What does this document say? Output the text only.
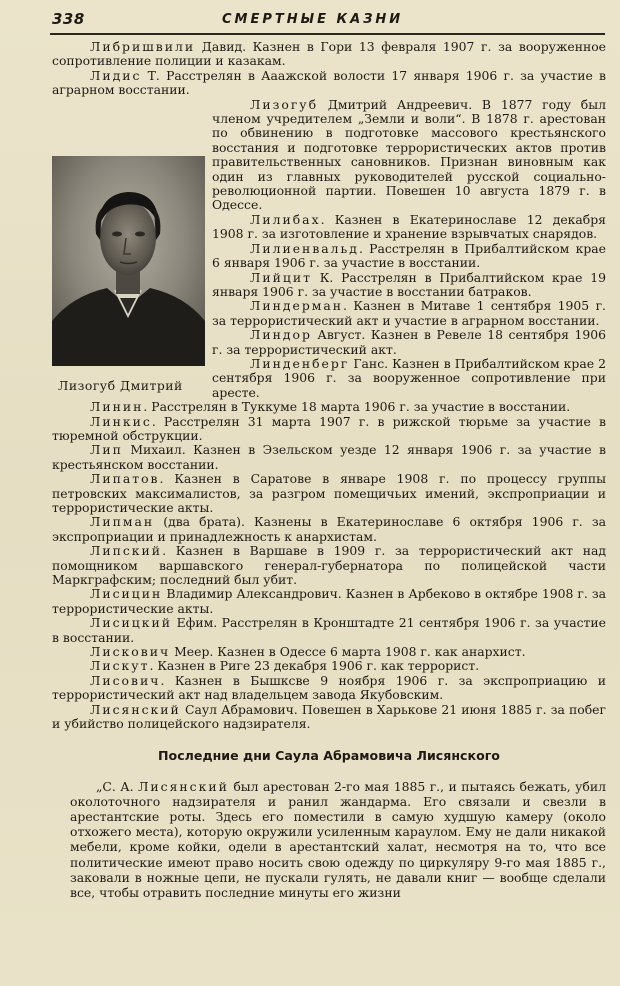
338	СМЕРТНЫЕ КАЗНИ

Либришвили Давид. Казнен в Гори 13 февраля 1907 г. за вооруженное сопротивление полиции и казакам.

Лидис Т. Расстрелян в Ааажской волости 17 января 1906 г. за участие в аграрном восстании.

Лизогуб Дмитрий

Лизогуб Дмитрий Андреевич. В 1877 году был членом учредителем „Земли и воли“. В 1878 г. арестован по обвинению в подготовке массового крестьянского восстания и подготовке террористических актов против правительственных сановников. Признан виновным как один из главных руководителей русской социально-революционной партии. Повешен 10 августа 1879 г. в Одессе.

Лилибах. Казнен в Екатеринославе 12 декабря 1908 г. за изготовление и хранение взрывчатых снарядов.

Лилиенвальд. Расстрелян в Прибалтийском крае 6 января 1906 г. за участие в восстании.

Лийцит К. Расстрелян в Прибалтийском крае 19 января 1906 г. за участие в восстании батраков.

Линдерман. Казнен в Митаве 1 сентября 1905 г. за террористический акт и участие в аграрном восстании.

Линдор Август. Казнен в Ревеле 18 сентября 1906 г. за террористический акт.

Линденберг Ганс. Казнен в Прибалтийском крае 2 сентября 1906 г. за вооруженное сопротивление при аресте.

Линин. Расстрелян в Туккуме 18 марта 1906 г. за участие в восстании.

Линкис. Расстрелян 31 марта 1907 г. в рижской тюрьме за участие в тюремной обструкции.

Лип Михаил. Казнен в Эзельском уезде 12 января 1906 г. за участие в крестьянском восстании.

Липатов. Казнен в Саратове в январе 1908 г. по процессу группы петровских максималистов, за разгром помещичьих имений, экспроприации и террористические акты.

Липман (два брата). Казнены в Екатеринославе 6 октября 1906 г. за экспроприации и принадлежность к анархистам.

Липский. Казнен в Варшаве в 1909 г. за террористический акт над помощником варшавского генерал-губернатора по полицейской части Маркграфским; последний был убит.

Лисицин Владимир Александрович. Казнен в Арбеково в октябре 1908 г. за террористические акты.

Лисицкий Ефим. Расстрелян в Кронштадте 21 сентября 1906 г. за участие в восстании.

Лискович Меер. Казнен в Одессе 6 марта 1908 г. как анархист.

Лискут. Казнен в Риге 23 декабря 1906 г. как террорист.

Лисович. Казнен в Бышксве 9 ноября 1906 г. за экспроприацию и террористический акт над владельцем завода Якубовским.

Лисянский Саул Абрамович. Повешен в Харькове 21 июня 1885 г. за побег и убийство полицейского надзирателя.

Последние дни Саула Абрамовича Лисянского

„С. А. Лисянский был арестован 2-го мая 1885 г., и пытаясь бежать, убил околоточного надзирателя и ранил жандарма. Его связали и свезли в арестантские роты. Здесь его поместили в самую худшую камеру (около отхожего места), которую окружили усиленным караулом. Ему не дали никакой мебели, кроме койки, одели в арестантский халат, несмотря на то, что все политические имеют право носить свою одежду по циркуляру 9-го мая 1885 г., заковали в ножные цепи, не пускали гулять, не давали книг — вообще сделали все, чтобы отравить последние минуты его жизни
